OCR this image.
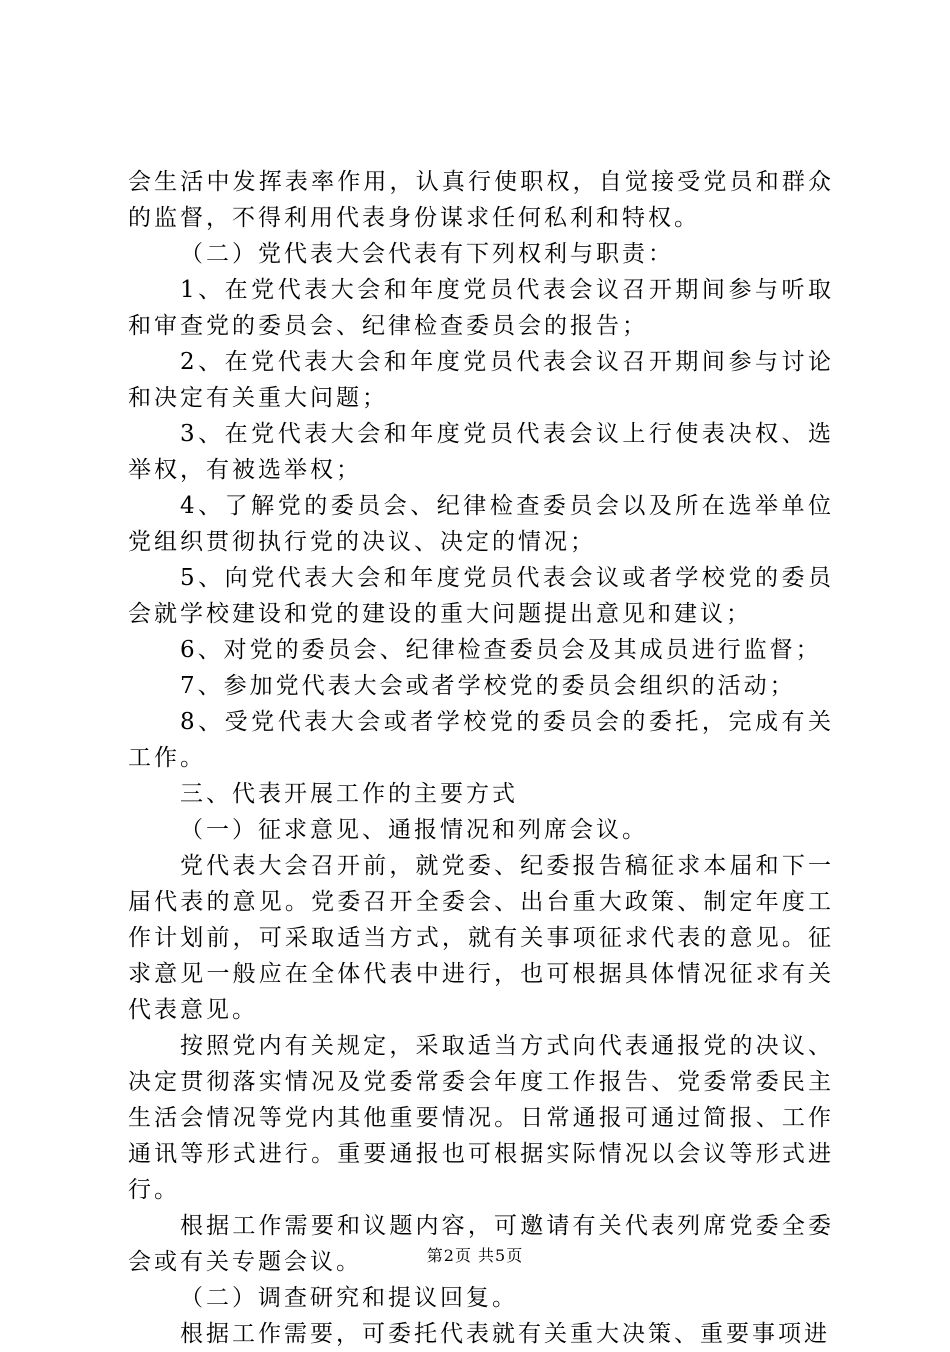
会生活中发挥表率作用，认真行使职权，自觉接受党员和群众的监督，不得利用代表身份谋求任何私利和特权。

（二）党代表大会代表有下列权利与职责：

1、在党代表大会和年度党员代表会议召开期间参与听取和审查党的委员会、纪律检查委员会的报告；

2、在党代表大会和年度党员代表会议召开期间参与讨论和决定有关重大问题；

3、在党代表大会和年度党员代表会议上行使表决权、选举权，有被选举权；

4、了解党的委员会、纪律检查委员会以及所在选举单位党组织贯彻执行党的决议、决定的情况；

5、向党代表大会和年度党员代表会议或者学校党的委员会就学校建设和党的建设的重大问题提出意见和建议；

6、对党的委员会、纪律检查委员会及其成员进行监督；

7、参加党代表大会或者学校党的委员会组织的活动；

8、受党代表大会或者学校党的委员会的委托，完成有关工作。

三、代表开展工作的主要方式

（一）征求意见、通报情况和列席会议。

党代表大会召开前，就党委、纪委报告稿征求本届和下一届代表的意见。党委召开全委会、出台重大政策、制定年度工作计划前，可采取适当方式，就有关事项征求代表的意见。征求意见一般应在全体代表中进行，也可根据具体情况征求有关代表意见。

按照党内有关规定，采取适当方式向代表通报党的决议、决定贯彻落实情况及党委常委会年度工作报告、党委常委民主生活会情况等党内其他重要情况。日常通报可通过简报、工作通讯等形式进行。重要通报也可根据实际情况以会议等形式进行。

根据工作需要和议题内容，可邀请有关代表列席党委全委会或有关专题会议。

（二）调查研究和提议回复。

根据工作需要，可委托代表就有关重大决策、重要事项进

第2页 共5页
